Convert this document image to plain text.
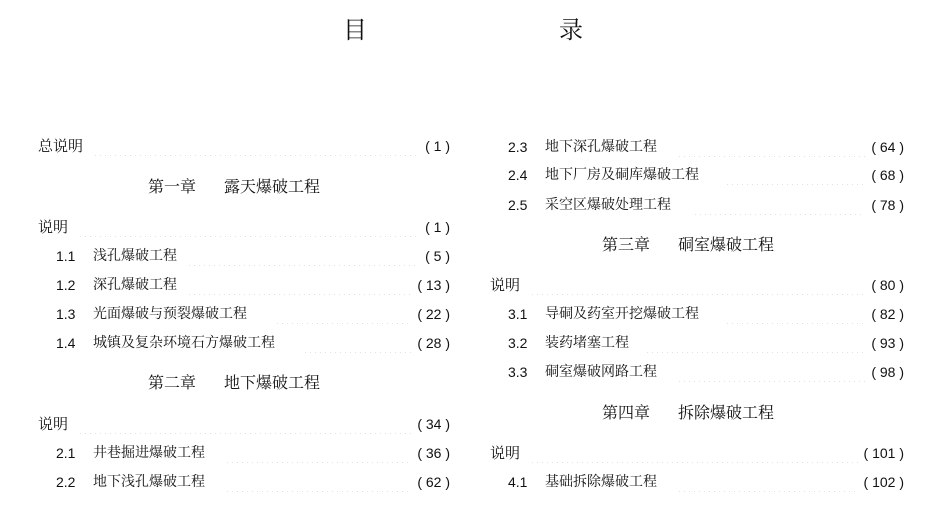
目　　录
总说明	( 1 )
第一章 露天爆破工程
说明	( 1 )
1.1	浅孔爆破工程	( 5 )
1.2	深孔爆破工程	( 13 )
1.3	光面爆破与预裂爆破工程	( 22 )
1.4	城镇及复杂环境石方爆破工程	( 28 )
第二章 地下爆破工程
说明	( 34 )
2.1	井巷掘进爆破工程	( 36 )
2.2	地下浅孔爆破工程	( 62 )
2.3	地下深孔爆破工程	( 64 )
2.4	地下厂房及硐库爆破工程	( 68 )
2.5	采空区爆破处理工程	( 78 )
第三章 硐室爆破工程
说明	( 80 )
3.1	导硐及药室开挖爆破工程	( 82 )
3.2	装药堵塞工程	( 93 )
3.3	硐室爆破网路工程	( 98 )
第四章 拆除爆破工程
说明	( 101 )
4.1	基础拆除爆破工程	( 102 )
